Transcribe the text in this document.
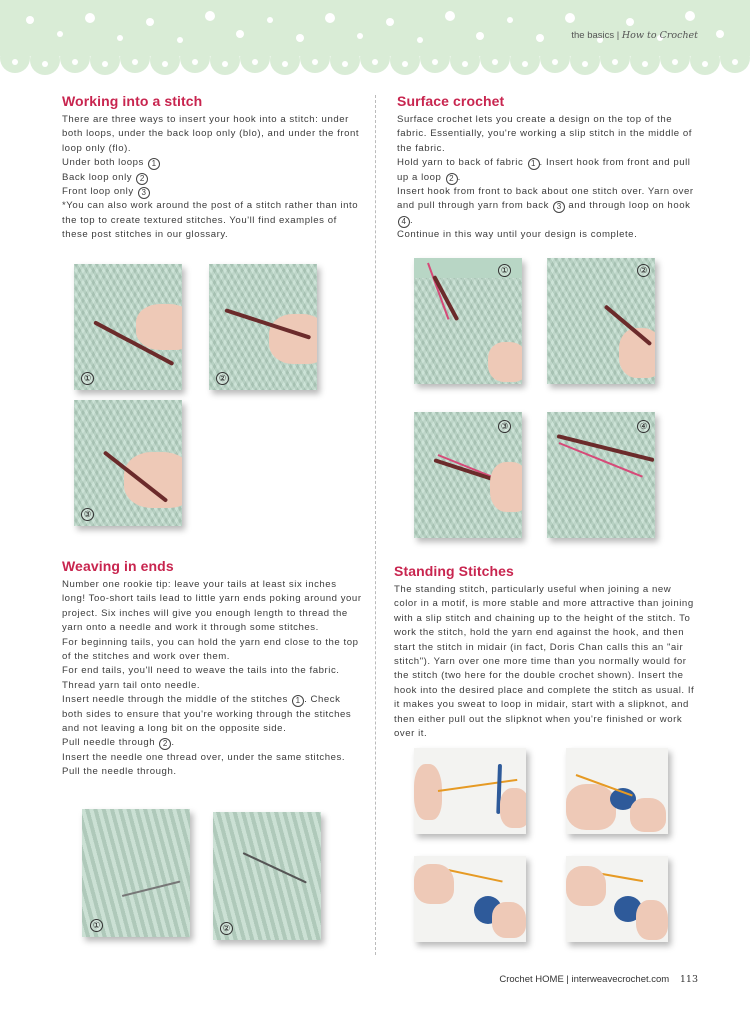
the basics | How to Crochet
Working into a stitch

There are three ways to insert your hook into a stitch: under both loops, under the back loop only (blo), and under the front loop only (flo).

Under both loops 1

Back loop only 2

Front loop only 3

*You can also work around the post of a stitch rather than into the top to create textured stitches. You'll find examples of these post stitches in our glossary.

①	②
③
Surface crochet

Surface crochet lets you create a design on the top of the fabric. Essentially, you're working a slip stitch in the middle of the fabric.

Hold yarn to back of fabric 1 . Insert hook from front and pull up a loop 2 .

Insert hook from front to back about one stitch over. Yarn over and pull through yarn from back 3 and through loop on hook 4 .

Continue in this way until your design is complete.

①	②
③	④
Weaving in ends

Number one rookie tip: leave your tails at least six inches long! Too-short tails lead to little yarn ends poking around your project. Six inches will give you enough length to thread the yarn onto a needle and work it through some stitches.

For beginning tails, you can hold the yarn end close to the top of the stitches and work over them.

For end tails, you'll need to weave the tails into the fabric.

Thread yarn tail onto needle.

Insert needle through the middle of the stitches 1 . Check both sides to ensure that you're working through the stitches and not leaving a long bit on the opposite side.

Pull needle through 2 .

Insert the needle one thread over, under the same stitches. Pull the needle through.

①	②
Standing Stitches

The standing stitch, particularly useful when joining a new color in a motif, is more stable and more attractive than joining with a slip stitch and chaining up to the height of the stitch. To work the stitch, hold the yarn end against the hook, and then start the stitch in midair (in fact, Doris Chan calls this an "air stitch"). Yarn over one more time than you normally would for the stitch (two here for the double crochet shown). Insert the hook into the desired place and complete the stitch as usual. If it makes you sweat to loop in midair, start with a slipknot, and then either pull out the slipknot when you're finished or work over it.

Crochet HOME | interweavecrochet.com 113
